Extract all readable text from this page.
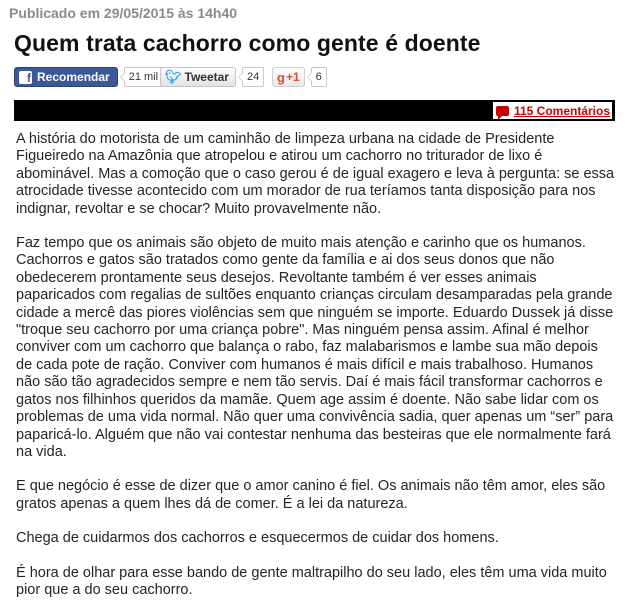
Publicado em 29/05/2015 às 14h40
Quem trata cachorro como gente é doente
f Recomendar	21 mil 🐦︎ Tweetar	24	g +1	6
115 Comentários

A história do motorista de um caminhão de limpeza urbana na cidade de Presidente Figueiredo na Amazônia que atropelou e atirou um cachorro no triturador de lixo é abominável. Mas a comoção que o caso gerou é de igual exagero e leva à pergunta: se essa atrocidade tivesse acontecido com um morador de rua teríamos tanta disposição para nos indignar, revoltar e se chocar? Muito provavelmente não.

Faz tempo que os animais são objeto de muito mais atenção e carinho que os humanos. Cachorros e gatos são tratados como gente da família e ai dos seus donos que não obedecerem prontamente seus desejos. Revoltante também é ver esses animais paparicados com regalias de sultões enquanto crianças circulam desamparadas pela grande cidade a mercê das piores violências sem que ninguém se importe. Eduardo Dussek já disse "troque seu cachorro por uma criança pobre". Mas ninguém pensa assim. Afinal é melhor conviver com um cachorro que balança o rabo, faz malabarismos e lambe sua mão depois de cada pote de ração. Conviver com humanos é mais difícil e mais trabalhoso. Humanos não são tão agradecidos sempre e nem tão servis. Daí é mais fácil transformar cachorros e gatos nos filhinhos queridos da mamãe. Quem age assim é doente. Não sabe lidar com os problemas de uma vida normal. Não quer uma convivência sadia, quer apenas um “ser” para paparicá-lo. Alguém que não vai contestar nenhuma das besteiras que ele normalmente fará na vida.

E que negócio é esse de dizer que o amor canino é fiel. Os animais não têm amor, eles são gratos apenas a quem lhes dá de comer. É a lei da natureza.

Chega de cuidarmos dos cachorros e esquecermos de cuidar dos homens.

É hora de olhar para esse bando de gente maltrapilho do seu lado, eles têm uma vida muito pior que a do seu cachorro.
